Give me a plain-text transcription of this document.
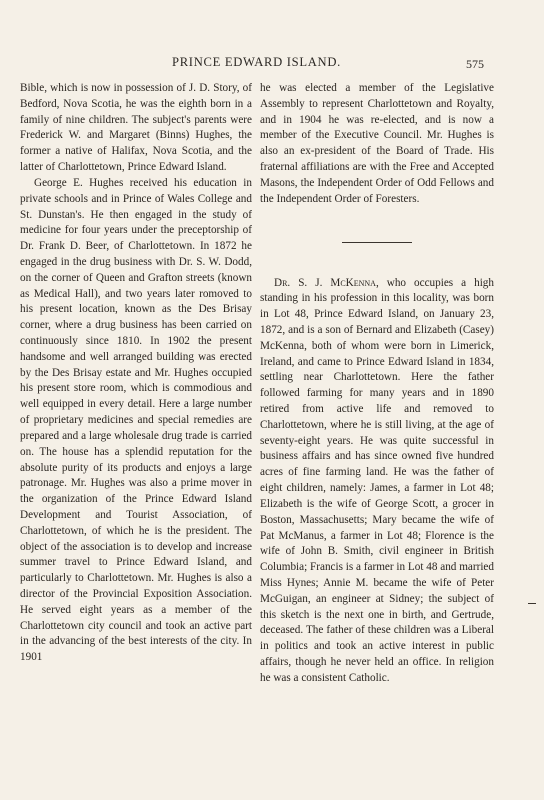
PRINCE EDWARD ISLAND.	575

Bible, which is now in possession of J. D. Story, of Bedford, Nova Scotia, he was the eighth born in a family of nine children. The subject's parents were Frederick W. and Margaret (Binns) Hughes, the former a native of Halifax, Nova Scotia, and the latter of Charlottetown, Prince Edward Island.

George E. Hughes received his education in private schools and in Prince of Wales College and St. Dunstan's. He then engaged in the study of medicine for four years under the preceptorship of Dr. Frank D. Beer, of Charlottetown. In 1872 he engaged in the drug business with Dr. S. W. Dodd, on the corner of Queen and Grafton streets (known as Medical Hall), and two years later romoved to his present location, known as the Des Brisay corner, where a drug business has been carried on continuously since 1810. In 1902 the present handsome and well arranged building was erected by the Des Brisay estate and Mr. Hughes occupied his present store room, which is commodious and well equipped in every detail. Here a large number of proprietary medicines and special remedies are prepared and a large wholesale drug trade is carried on. The house has a splendid reputation for the absolute purity of its products and enjoys a large patronage. Mr. Hughes was also a prime mover in the organization of the Prince Edward Island Development and Tourist Association, of Charlottetown, of which he is the president. The object of the association is to develop and increase summer travel to Prince Edward Island, and particularly to Charlottetown. Mr. Hughes is also a director of the Provincial Exposition Association. He served eight years as a member of the Charlottetown city council and took an active part in the advancing of the best interests of the city. In 1901

he was elected a member of the Legislative Assembly to represent Charlottetown and Royalty, and in 1904 he was re-elected, and is now a member of the Executive Council. Mr. Hughes is also an ex-president of the Board of Trade. His fraternal affiliations are with the Free and Accepted Masons, the Independent Order of Odd Fellows and the Independent Order of Foresters.

Dr. S. J. McKenna, who occupies a high standing in his profession in this locality, was born in Lot 48, Prince Edward Island, on January 23, 1872, and is a son of Bernard and Elizabeth (Casey) McKenna, both of whom were born in Limerick, Ireland, and came to Prince Edward Island in 1834, settling near Charlottetown. Here the father followed farming for many years and in 1890 retired from active life and removed to Charlottetown, where he is still living, at the age of seventy-eight years. He was quite successful in business affairs and has since owned five hundred acres of fine farming land. He was the father of eight children, namely: James, a farmer in Lot 48; Elizabeth is the wife of George Scott, a grocer in Boston, Massachusetts; Mary became the wife of Pat McManus, a farmer in Lot 48; Florence is the wife of John B. Smith, civil engineer in British Columbia; Francis is a farmer in Lot 48 and married Miss Hynes; Annie M. became the wife of Peter McGuigan, an engineer at Sidney; the subject of this sketch is the next one in birth, and Gertrude, deceased. The father of these children was a Liberal in politics and took an active interest in public affairs, though he never held an office. In religion he was a consistent Catholic.
